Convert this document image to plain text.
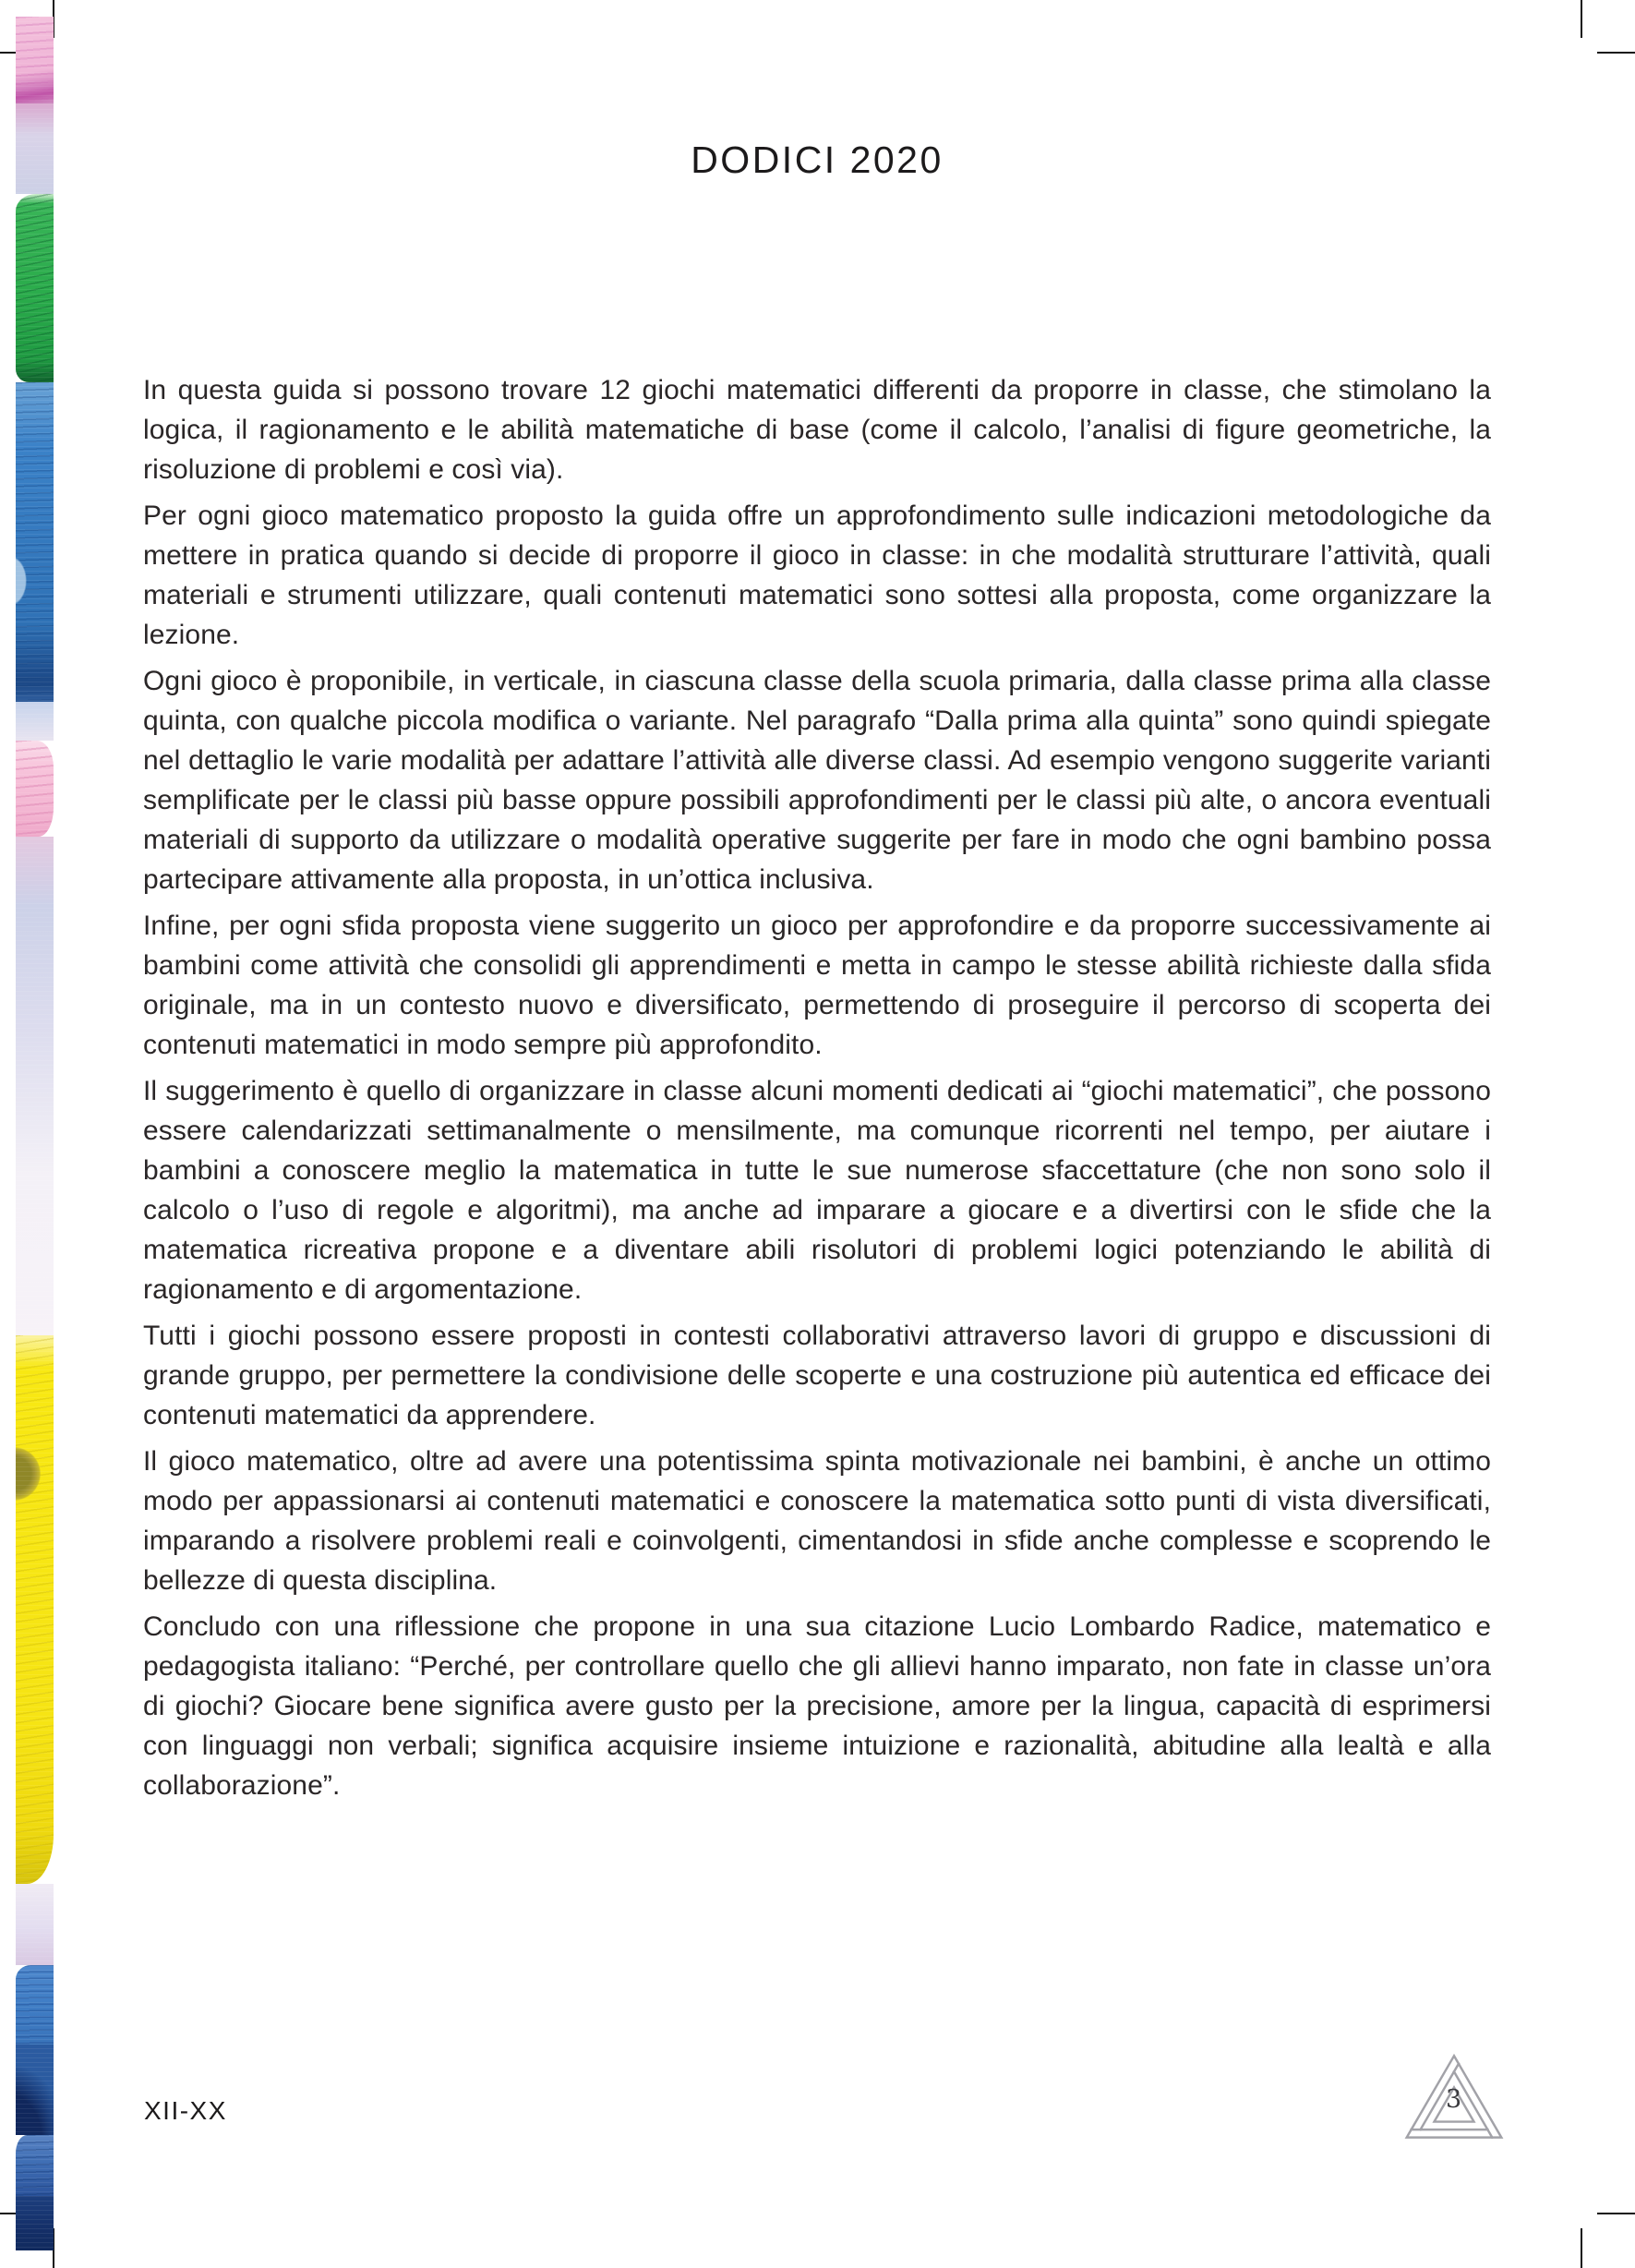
DODICI 2020

In questa guida si possono trovare 12 giochi matematici differenti da proporre in classe, che stimolano la logica, il ragionamento e le abilità matematiche di base (come il calcolo, l’analisi di figure geometriche, la risoluzione di problemi e così via).

Per ogni gioco matematico proposto la guida offre un approfondimento sulle indicazioni metodologiche da mettere in pratica quando si decide di proporre il gioco in classe: in che modalità strutturare l’attività, quali materiali e strumenti utilizzare, quali contenuti matematici sono sottesi alla proposta, come organizzare la lezione.

Ogni gioco è proponibile, in verticale, in ciascuna classe della scuola primaria, dalla classe prima alla classe quinta, con qualche piccola modifica o variante. Nel paragrafo “Dalla prima alla quinta” sono quindi spiegate nel dettaglio le varie modalità per adattare l’attività alle diverse classi. Ad esempio vengono suggerite varianti semplificate per le classi più basse oppure possibili approfondimenti per le classi più alte, o ancora eventuali materiali di supporto da utilizzare o modalità operative suggerite per fare in modo che ogni bambino possa partecipare attivamente alla proposta, in un’ottica inclusiva.

Infine, per ogni sfida proposta viene suggerito un gioco per approfondire e da proporre successivamente ai bambini come attività che consolidi gli apprendimenti e metta in campo le stesse abilità richieste dalla sfida originale, ma in un contesto nuovo e diversificato, permettendo di proseguire il percorso di scoperta dei contenuti matematici in modo sempre più approfondito.

Il suggerimento è quello di organizzare in classe alcuni momenti dedicati ai “giochi matematici”, che possono essere calendarizzati settimanalmente o mensilmente, ma comunque ricorrenti nel tempo, per aiutare i bambini a conoscere meglio la matematica in tutte le sue numerose sfaccettature (che non sono solo il calcolo o l’uso di regole e algoritmi), ma anche ad imparare a giocare e a divertirsi con le sfide che la matematica ricreativa propone e a diventare abili risolutori di problemi logici potenziando le abilità di ragionamento e di argomentazione.

Tutti i giochi possono essere proposti in contesti collaborativi attraverso lavori di gruppo e discussioni di grande gruppo, per permettere la condivisione delle scoperte e una costruzione più autentica ed efficace dei contenuti matematici da apprendere.

Il gioco matematico, oltre ad avere una potentissima spinta motivazionale nei bambini, è anche un ottimo modo per appassionarsi ai contenuti matematici e conoscere la matematica sotto punti di vista diversificati, imparando a risolvere problemi reali e coinvolgenti, cimentandosi in sfide anche complesse e scoprendo le bellezze di questa disciplina.

Concludo con una riflessione che propone in una sua citazione Lucio Lombardo Radice, matematico e pedagogista italiano: “Perché, per controllare quello che gli allievi hanno imparato, non fate in classe un’ora di giochi? Giocare bene significa avere gusto per la precisione, amore per la lingua, capacità di esprimersi con linguaggi non verbali; significa acquisire insieme intuizione e razionalità, abitudine alla lealtà e alla collaborazione”.

XII-XX	3
